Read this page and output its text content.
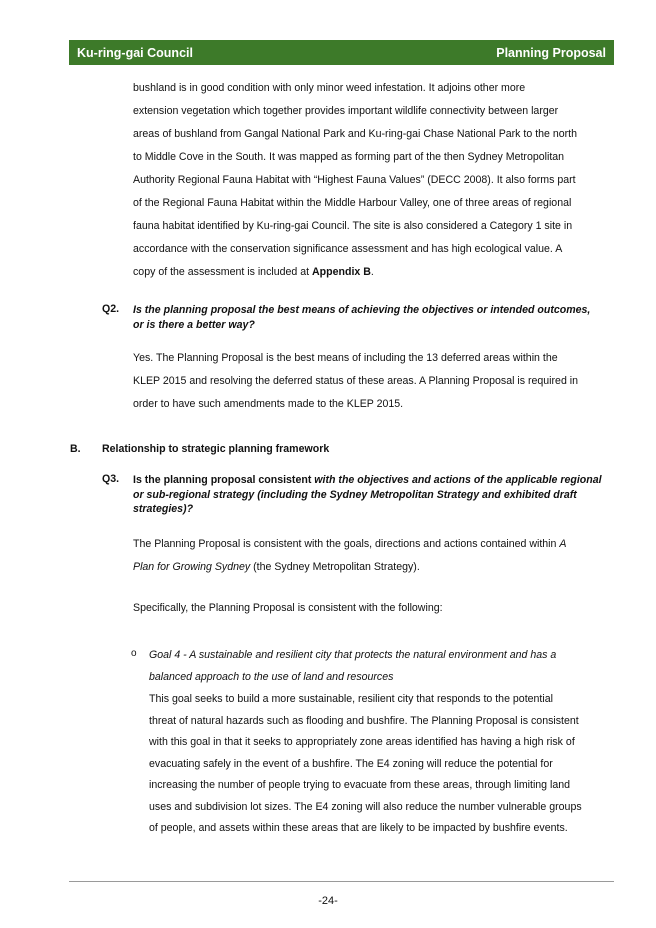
Ku-ring-gai Council	Planning Proposal
bushland is in good condition with only minor weed infestation. It adjoins other more
extension vegetation which together provides important wildlife connectivity between larger
areas of bushland from Gangal National Park and Ku-ring-gai Chase National Park to the north
to Middle Cove in the South. It was mapped as forming part of the then Sydney Metropolitan
Authority Regional Fauna Habitat with “Highest Fauna Values” (DECC 2008). It also forms part
of the Regional Fauna Habitat within the Middle Harbour Valley, one of three areas of regional
fauna habitat identified by Ku-ring-gai Council. The site is also considered a Category 1 site in
accordance with the conservation significance assessment and has high ecological value. A
copy of the assessment is included at Appendix B.
Q2. Is the planning proposal the best means of achieving the objectives or intended outcomes, or is there a better way?
Yes. The Planning Proposal is the best means of including the 13 deferred areas within the
KLEP 2015 and resolving the deferred status of these areas. A Planning Proposal is required in
order to have such amendments made to the KLEP 2015.
B. Relationship to strategic planning framework
Q3. Is the planning proposal consistent with the objectives and actions of the applicable regional or sub-regional strategy (including the Sydney Metropolitan Strategy and exhibited draft strategies)?
The Planning Proposal is consistent with the goals, directions and actions contained within A
Plan for Growing Sydney (the Sydney Metropolitan Strategy).
Specifically, the Planning Proposal is consistent with the following:
o Goal 4 - A sustainable and resilient city that protects the natural environment and has a
balanced approach to the use of land and resources
This goal seeks to build a more sustainable, resilient city that responds to the potential
threat of natural hazards such as flooding and bushfire. The Planning Proposal is consistent
with this goal in that it seeks to appropriately zone areas identified has having a high risk of
evacuating safely in the event of a bushfire. The E4 zoning will reduce the potential for
increasing the number of people trying to evacuate from these areas, through limiting land
uses and subdivision lot sizes. The E4 zoning will also reduce the number vulnerable groups
of people, and assets within these areas that are likely to be impacted by bushfire events.
-24-
